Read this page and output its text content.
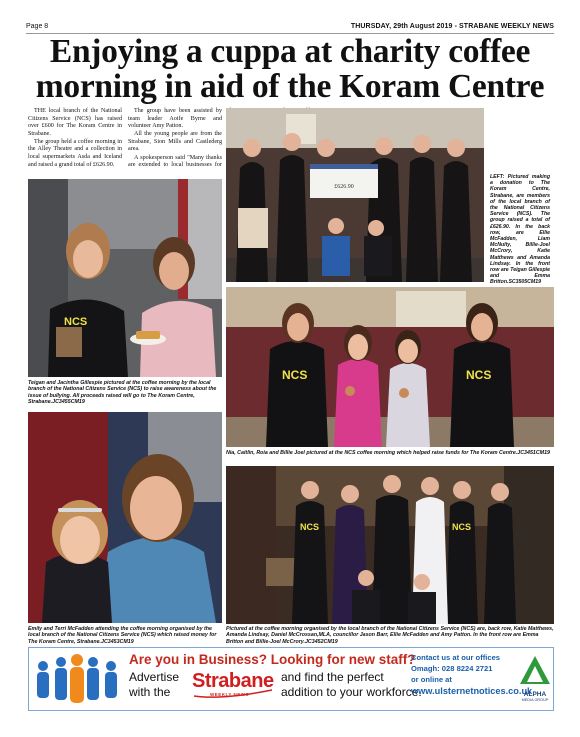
Page 8	THURSDAY, 29th August 2019 - STRABANE WEEKLY NEWS
Enjoying a cuppa at charity coffee morning in aid of the Koram Centre

THE local branch of the National Citizens Service (NCS) has raised over £600 for The Koram Centre in Strabane.

The group held a coffee morning in the Alley Theatre and a collection in local supermarkets Asda and Iceland and raised a grand total of £626.90.

The group have been assisted by team leader Aoife Byrne and volunteer Amy Patton.

All the young people are from the Strabane, Sion Mills and Castlederg area.

A spokesperson said "Many thanks are extended to local businesses for

NCS
Teigan and Jacintha Gillespie pictured at the coffee morning by the local branch of the National Citizens Service (NCS) to raise awareness about the issue of bullying. All proceeds raised will go to The Koram Centre, Strabane.JC3455CM19
£626.90
LEFT: Pictured making a donation to The Koram Centre, Strabane, are members of the local branch of the National Citizens Service (NCS). The group raised a total of £626.90. In the back row, are Ellie McFadden, Liam McNulty, Billie-Joel McCrory, Katie Matthews and Amanda Lindsay. In the front row are Teigan Gillespie and Emma Britton.SC3505CM19
NCS	NCS
Nia, Caitlin, Roia and Billie Joel pictured at the NCS coffee morning which helped raise funds for The Koram Centre.JC3451CM19
Emily and Terri McFadden attending the coffee morning organised by the local branch of the National Citizens Service (NCS) which raised money for The Koram Centre, Strabane.JC3453CM19
NCS	NCS
Pictured at the coffee morning organised by the local branch of the National Citizens Service (NCS) are, back row, Katie Matthews, Amanda Lindsay, Daniel McCrossan,MLA, councillor Jason Barr, Ellie McFadden and Amy Patton. In the front row are Emma Britton and Billie-Joel McCrory.JC3452CM19
Are you in Business? Looking for new staff?
Advertise
with the Strabane
WEEKLY NEWS
and find the perfect
addition to your workforce.
Contact us at our offices
Omagh: 028 8224 2721
or online at
www.ulsternetnotices.co.uk
ALPHA
MEDIA GROUP
